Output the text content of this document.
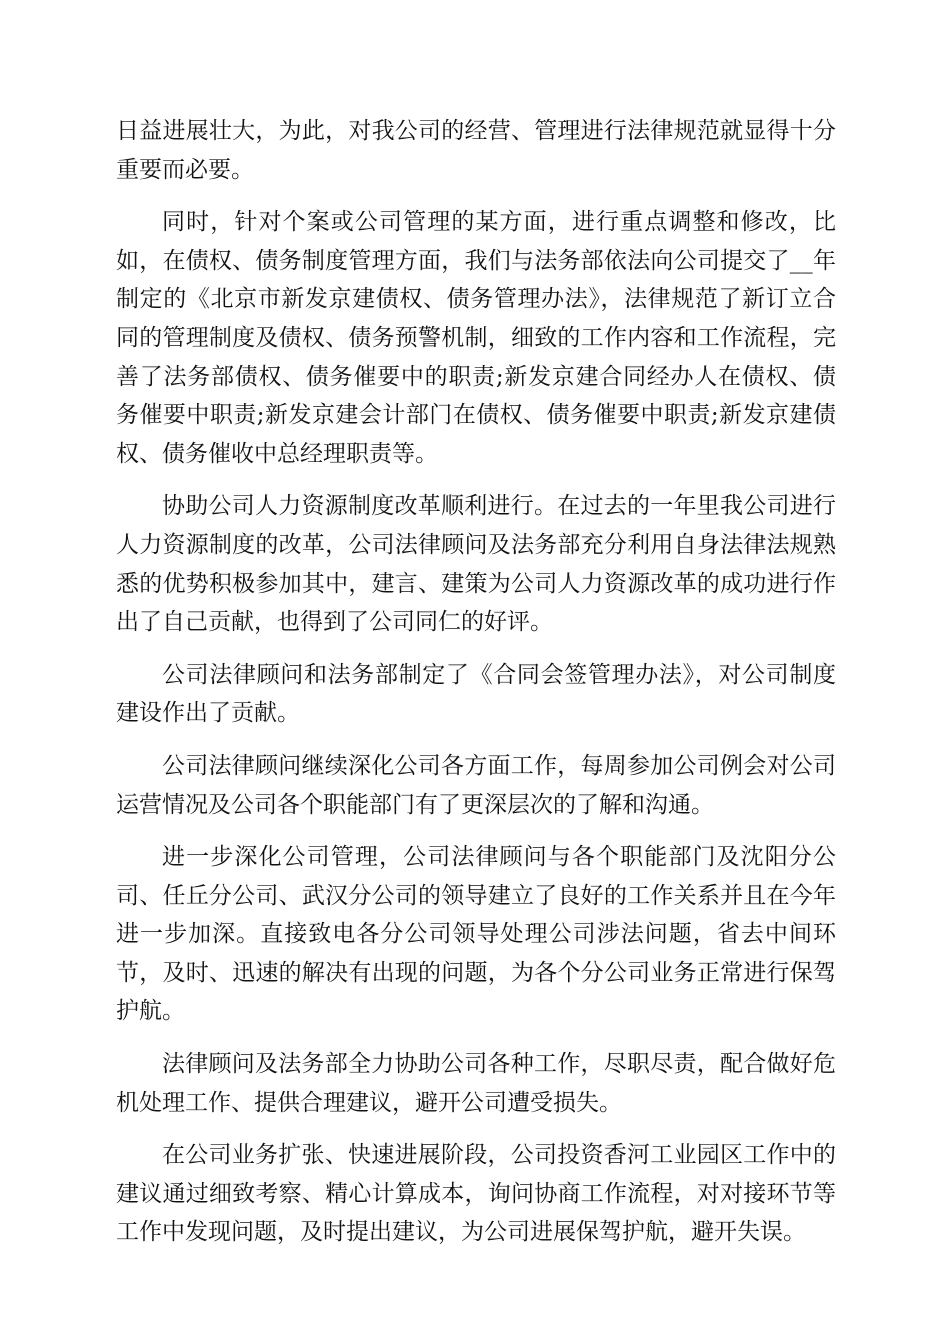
日益进展壮大，为此，对我公司的经营、管理进行法律规范就显得十分重要而必要。

同时，针对个案或公司管理的某方面，进行重点调整和修改，比如，在债权、债务制度管理方面，我们与法务部依法向公司提交了__年制定的《北京市新发京建债权、债务管理办法》，法律规范了新订立合同的管理制度及债权、债务预警机制，细致的工作内容和工作流程，完善了法务部债权、债务催要中的职责;新发京建合同经办人在债权、债务催要中职责;新发京建会计部门在债权、债务催要中职责;新发京建债权、债务催收中总经理职责等。

协助公司人力资源制度改革顺利进行。在过去的一年里我公司进行人力资源制度的改革，公司法律顾问及法务部充分利用自身法律法规熟悉的优势积极参加其中，建言、建策为公司人力资源改革的成功进行作出了自己贡献，也得到了公司同仁的好评。

公司法律顾问和法务部制定了《合同会签管理办法》，对公司制度建设作出了贡献。

公司法律顾问继续深化公司各方面工作，每周参加公司例会对公司运营情况及公司各个职能部门有了更深层次的了解和沟通。

进一步深化公司管理，公司法律顾问与各个职能部门及沈阳分公司、任丘分公司、武汉分公司的领导建立了良好的工作关系并且在今年进一步加深。直接致电各分公司领导处理公司涉法问题，省去中间环节，及时、迅速的解决有出现的问题，为各个分公司业务正常进行保驾护航。

法律顾问及法务部全力协助公司各种工作，尽职尽责，配合做好危机处理工作、提供合理建议，避开公司遭受损失。

在公司业务扩张、快速进展阶段，公司投资香河工业园区工作中的建议通过细致考察、精心计算成本，询问协商工作流程，对对接环节等工作中发现问题，及时提出建议，为公司进展保驾护航，避开失误。
